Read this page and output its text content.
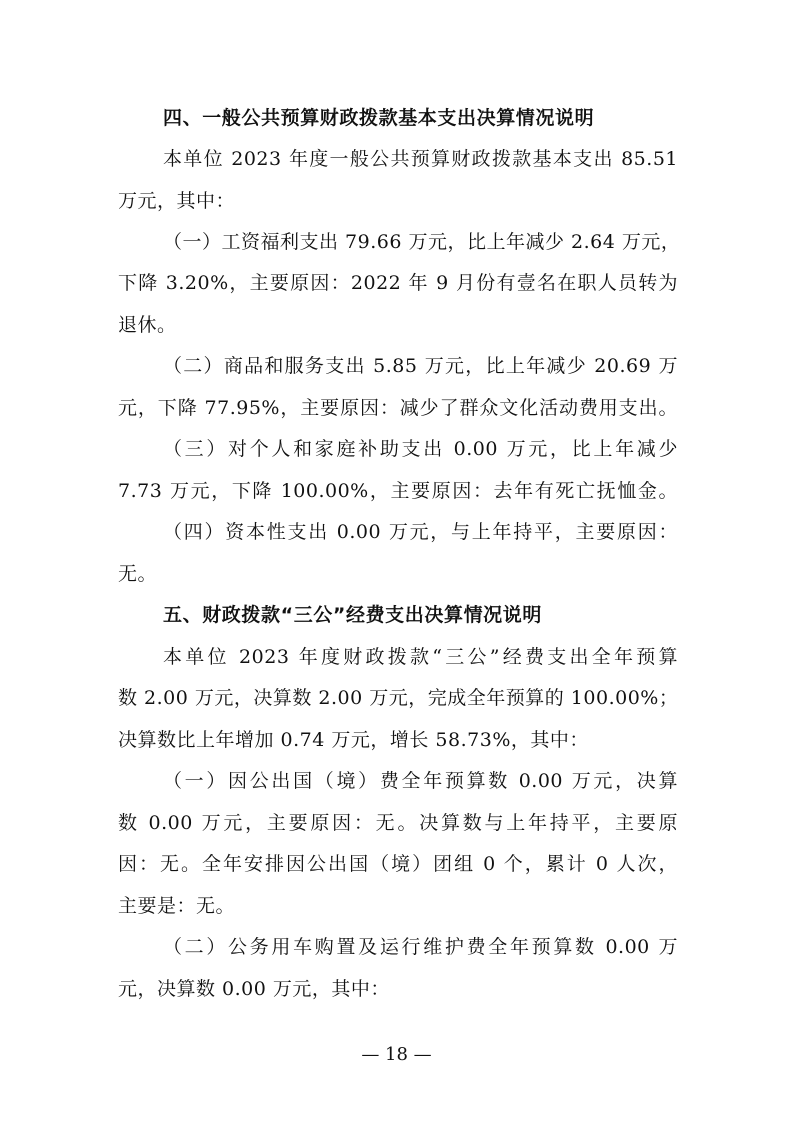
四、一般公共预算财政拨款基本支出决算情况说明
本单位 2023 年度一般公共预算财政拨款基本支出 85.51
万元，其中：
（一）工资福利支出 79.66 万元，比上年减少 2.64 万元，
下降 3.20%，主要原因：2022 年 9 月份有壹名在职人员转为
退休。
（二）商品和服务支出 5.85 万元，比上年减少 20.69 万
元，下降 77.95%，主要原因：减少了群众文化活动费用支出。
（三）对个人和家庭补助支出 0.00 万元，比上年减少
7.73 万元，下降 100.00%，主要原因：去年有死亡抚恤金。
（四）资本性支出 0.00 万元，与上年持平，主要原因：
无。
五、财政拨款“三公”经费支出决算情况说明
本单位 2023 年度财政拨款“三公”经费支出全年预算
数 2.00 万元，决算数 2.00 万元，完成全年预算的 100.00%；
决算数比上年增加 0.74 万元，增长 58.73%，其中：
（一）因公出国（境）费全年预算数 0.00 万元，决算
数 0.00 万元，主要原因：无。决算数与上年持平，主要原
因：无。全年安排因公出国（境）团组 0 个，累计 0 人次，
主要是：无。
（二）公务用车购置及运行维护费全年预算数 0.00 万
元，决算数 0.00 万元，其中：
— 18 —
